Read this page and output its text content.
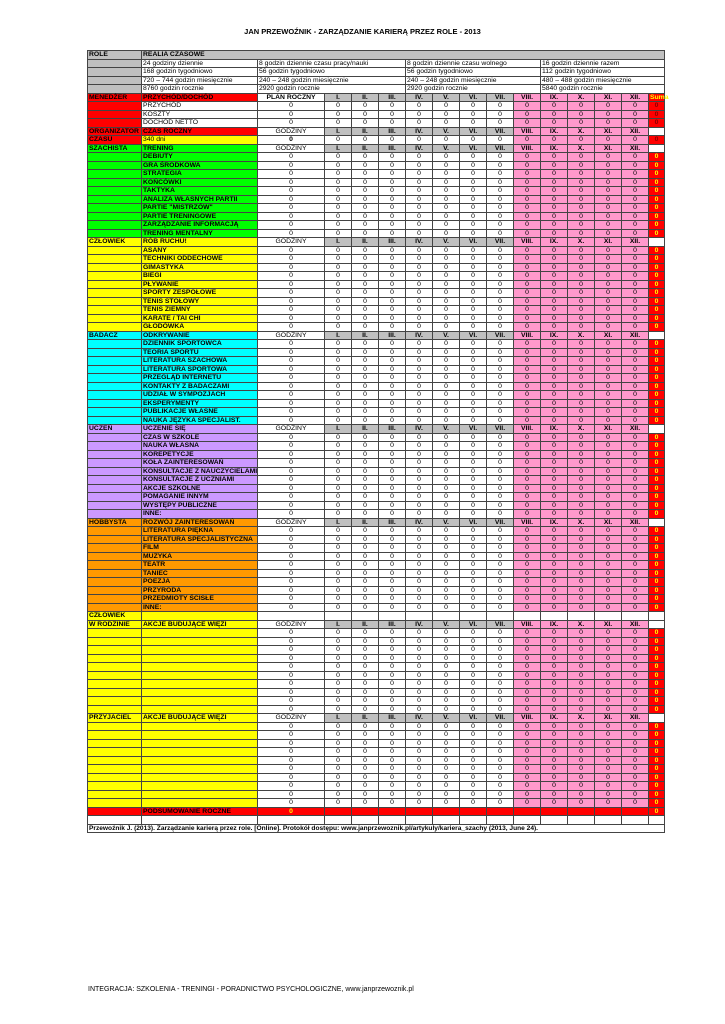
JAN PRZEWOŹNIK - ZARZĄDZANIE KARIERĄ PRZEZ ROLE - 2013
ROLE	REALIA CZASOWE														
	24 godziny dziennie	8 godzin dziennie czasu pracy/nauki				8 godzin dziennie czasu wolnego					16 godzin dziennie razem				
	168 godzin tygodniowo	56 godzin tygodniowo				56 godzin tygodniowo					112 godzin tygodniowo				
	720 – 744 godzin miesięcznie	240 – 248 godzin miesięcznie				240 – 248 godzin miesięcznie					480 – 488 godzin miesięcznie				
	8760 godzin rocznie	2920 godzin rocznie				2920 godzin rocznie					5840 godzin rocznie				
MENEDŻER	PRZYCHÓD/DOCHÓD	PLAN ROCZNY	I.	II.	III.	IV.	V.	VI.	VII.	VIII.	IX.	X.	XI.	XII.	Suma
	PRZYCHÓD	0	0	0	0	0	0	0	0	0	0	0	0	0	0
	KOSZTY	0	0	0	0	0	0	0	0	0	0	0	0	0	0
	DOCHÓD NETTO	0	0	0	0	0	0	0	0	0	0	0	0	0	0
ORGANIZATOR	CZAS ROCZNY	GODZINY	I.	II.	III.	IV.	V.	VI.	VII.	VIII.	IX.	X.	XI.	XII.	
CZASU	340 dni	0	0	0	0	0	0	0	0	0	0	0	0	0	0
SZACHISTA	TRENING	GODZINY	I.	II.	III.	IV.	V.	VI.	VII.	VIII.	IX.	X.	XI.	XII.	
	DEBIUTY	0	0	0	0	0	0	0	0	0	0	0	0	0	0
	GRA ŚRODKOWA	0	0	0	0	0	0	0	0	0	0	0	0	0	0
	STRATEGIA	0	0	0	0	0	0	0	0	0	0	0	0	0	0
	KOŃCÓWKI	0	0	0	0	0	0	0	0	0	0	0	0	0	0
	TAKTYKA	0	0	0	0	0	0	0	0	0	0	0	0	0	0
	ANALIZA WŁASNYCH PARTII	0	0	0	0	0	0	0	0	0	0	0	0	0	0
	PARTIE "MISTRZÓW"	0	0	0	0	0	0	0	0	0	0	0	0	0	0
	PARTIE TRENINGOWE	0	0	0	0	0	0	0	0	0	0	0	0	0	0
	ZARZĄDZANIE INFORMACJĄ	0	0	0	0	0	0	0	0	0	0	0	0	0	0
	TRENING MENTALNY	0	0	0	0	0	0	0	0	0	0	0	0	0	0
CZŁOWIEK	RÓB RUCHU!	GODZINY	I.	II.	III.	IV.	V.	VI.	VII.	VIII.	IX.	X.	XI.	XII.	
	ASANY	0	0	0	0	0	0	0	0	0	0	0	0	0	0
	TECHNIKI ODDECHOWE	0	0	0	0	0	0	0	0	0	0	0	0	0	0
	GIMASTYKA	0	0	0	0	0	0	0	0	0	0	0	0	0	0
	BIEGI	0	0	0	0	0	0	0	0	0	0	0	0	0	0
	PŁYWANIE	0	0	0	0	0	0	0	0	0	0	0	0	0	0
	SPORTY ZESPOŁOWE	0	0	0	0	0	0	0	0	0	0	0	0	0	0
	TENIS STOŁOWY	0	0	0	0	0	0	0	0	0	0	0	0	0	0
	TENIS ZIEMNY	0	0	0	0	0	0	0	0	0	0	0	0	0	0
	KARATE / TAI CHI	0	0	0	0	0	0	0	0	0	0	0	0	0	0
	GŁODÓWKA	0	0	0	0	0	0	0	0	0	0	0	0	0	0
BADACZ	ODKRYWANIE	GODZINY	I.	II.	III.	IV.	V.	VI.	VII.	VIII.	IX.	X.	XI.	XII.	
	DZIENNIK SPORTOWCA	0	0	0	0	0	0	0	0	0	0	0	0	0	0
	TEORIA SPORTU	0	0	0	0	0	0	0	0	0	0	0	0	0	0
	LITERATURA SZACHOWA	0	0	0	0	0	0	0	0	0	0	0	0	0	0
	LITERATURA SPORTOWA	0	0	0	0	0	0	0	0	0	0	0	0	0	0
	PRZEGLĄD INTERNETU	0	0	0	0	0	0	0	0	0	0	0	0	0	0
	KONTAKTY Z BADACZAMI	0	0	0	0	0	0	0	0	0	0	0	0	0	0
	UDZIAŁ W SYMPOZJACH	0	0	0	0	0	0	0	0	0	0	0	0	0	0
	EKSPERYMENTY	0	0	0	0	0	0	0	0	0	0	0	0	0	0
	PUBLIKACJE WŁASNE	0	0	0	0	0	0	0	0	0	0	0	0	0	0
	NAUKA JĘZYKA SPECJALIST.	0	0	0	0	0	0	0	0	0	0	0	0	0	0
UCZEŃ	UCZENIE SIĘ	GODZINY	I.	II.	III.	IV.	V.	VI.	VII.	VIII.	IX.	X.	XI.	XII.	
	CZAS W SZKOLE	0	0	0	0	0	0	0	0	0	0	0	0	0	0
	NAUKA WŁASNA	0	0	0	0	0	0	0	0	0	0	0	0	0	0
	KOREPETYCJE	0	0	0	0	0	0	0	0	0	0	0	0	0	0
	KOŁA ZAINTERESOWAŃ	0	0	0	0	0	0	0	0	0	0	0	0	0	0
	KONSULTACJE Z NAUCZYCIELAMI	0	0	0	0	0	0	0	0	0	0	0	0	0	0
	KONSULTACJE Z UCZNIAMI	0	0	0	0	0	0	0	0	0	0	0	0	0	0
	AKCJE SZKOLNE	0	0	0	0	0	0	0	0	0	0	0	0	0	0
	POMAGANIE INNYM	0	0	0	0	0	0	0	0	0	0	0	0	0	0
	WYSTĘPY PUBLICZNE	0	0	0	0	0	0	0	0	0	0	0	0	0	0
	INNE:	0	0	0	0	0	0	0	0	0	0	0	0	0	0
HOBBYSTA	ROZWÓJ ZAINTERESOWAŃ	GODZINY	I.	II.	III.	IV.	V.	VI.	VII.	VIII.	IX.	X.	XI.	XII.	
	LITERATURA PIĘKNA	0	0	0	0	0	0	0	0	0	0	0	0	0	0
	LITERATURA SPECJALISTYCZNA	0	0	0	0	0	0	0	0	0	0	0	0	0	0
	FILM	0	0	0	0	0	0	0	0	0	0	0	0	0	0
	MUZYKA	0	0	0	0	0	0	0	0	0	0	0	0	0	0
	TEATR	0	0	0	0	0	0	0	0	0	0	0	0	0	0
	TANIEC	0	0	0	0	0	0	0	0	0	0	0	0	0	0
	POEZJA	0	0	0	0	0	0	0	0	0	0	0	0	0	0
	PRZYRODA	0	0	0	0	0	0	0	0	0	0	0	0	0	0
	PRZEDMIOTY ŚCISŁE	0	0	0	0	0	0	0	0	0	0	0	0	0	0
	INNE:	0	0	0	0	0	0	0	0	0	0	0	0	0	0
CZŁOWIEK															
W RODZINIE	AKCJE BUDUJĄCE WIĘZI	GODZINY	I.	II.	III.	IV.	V.	VI.	VII.	VIII.	IX.	X.	XI.	XII.	
		0	0	0	0	0	0	0	0	0	0	0	0	0	0
		0	0	0	0	0	0	0	0	0	0	0	0	0	0
		0	0	0	0	0	0	0	0	0	0	0	0	0	0
		0	0	0	0	0	0	0	0	0	0	0	0	0	0
		0	0	0	0	0	0	0	0	0	0	0	0	0	0
		0	0	0	0	0	0	0	0	0	0	0	0	0	0
		0	0	0	0	0	0	0	0	0	0	0	0	0	0
		0	0	0	0	0	0	0	0	0	0	0	0	0	0
		0	0	0	0	0	0	0	0	0	0	0	0	0	0
		0	0	0	0	0	0	0	0	0	0	0	0	0	0
PRZYJACIEL	AKCJE BUDUJĄCE WIĘZI	GODZINY	I.	II.	III.	IV.	V.	VI.	VII.	VIII.	IX.	X.	XI.	XII.	
		0	0	0	0	0	0	0	0	0	0	0	0	0	0
		0	0	0	0	0	0	0	0	0	0	0	0	0	0
		0	0	0	0	0	0	0	0	0	0	0	0	0	0
		0	0	0	0	0	0	0	0	0	0	0	0	0	0
		0	0	0	0	0	0	0	0	0	0	0	0	0	0
		0	0	0	0	0	0	0	0	0	0	0	0	0	0
		0	0	0	0	0	0	0	0	0	0	0	0	0	0
		0	0	0	0	0	0	0	0	0	0	0	0	0	0
		0	0	0	0	0	0	0	0	0	0	0	0	0	0
		0	0	0	0	0	0	0	0	0	0	0	0	0	0
	PODSUMOWANIE ROCZNE	0													0

Przewoźnik J. (2013). Zarządzanie karierą przez role. [Online]. Protokół dostępu: www.janprzewoznik.pl/artykuly/kariera_szachy (2013, June 24).															
INTEGRACJA: SZKOLENIA - TRENINGI - PORADNICTWO PSYCHOLOGICZNE, www.janprzewoznik.pl
